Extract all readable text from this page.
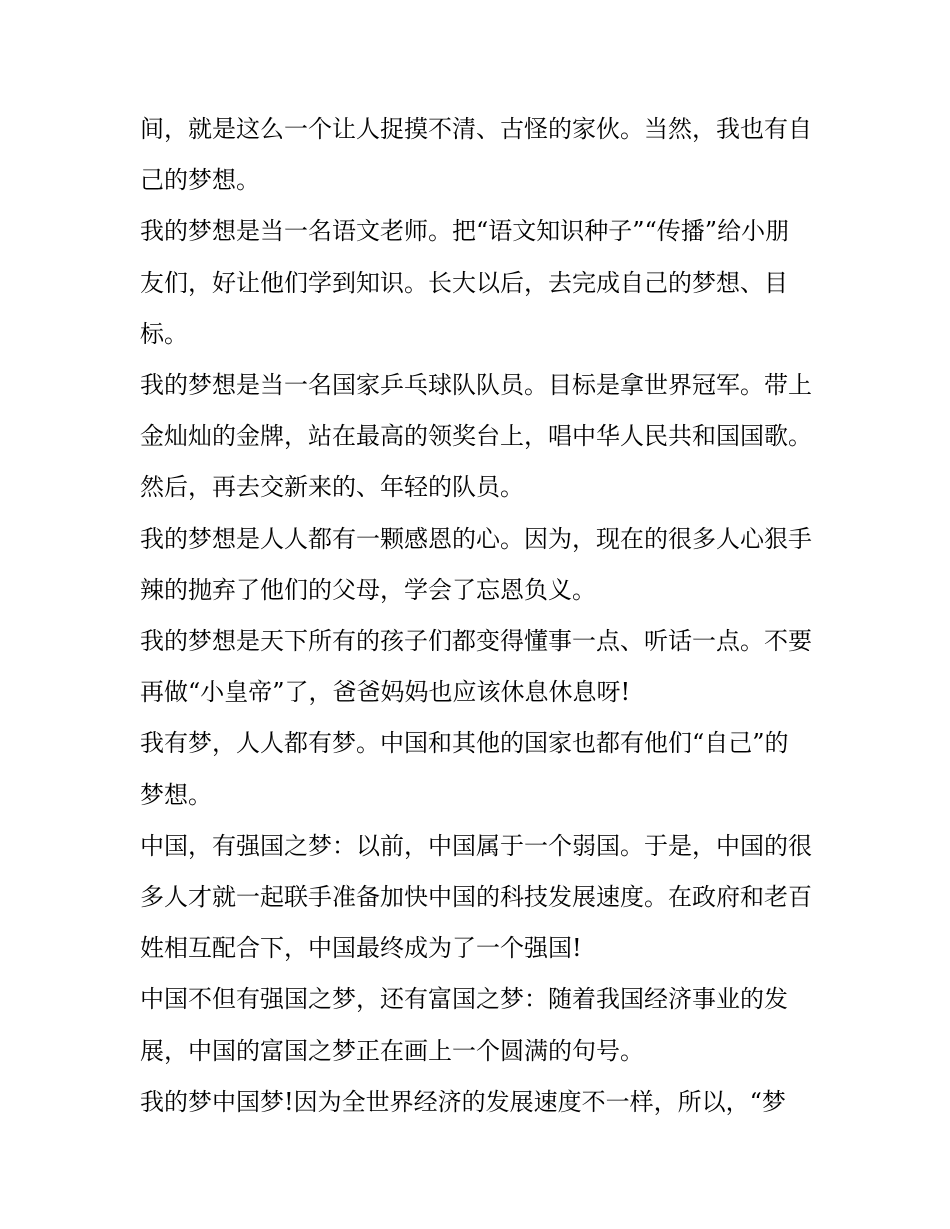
间，就是这么一个让人捉摸不清、古怪的家伙。当然，我也有自己的梦想。

我的梦想是当一名语文老师。把“语文知识种子”“传播”给小朋友们，好让他们学到知识。长大以后，去完成自己的梦想、目标。

我的梦想是当一名国家乒乓球队队员。目标是拿世界冠军。带上金灿灿的金牌，站在最高的领奖台上，唱中华人民共和国国歌。然后，再去交新来的、年轻的队员。

我的梦想是人人都有一颗感恩的心。因为，现在的很多人心狠手辣的抛弃了他们的父母，学会了忘恩负义。

我的梦想是天下所有的孩子们都变得懂事一点、听话一点。不要再做“小皇帝”了，爸爸妈妈也应该休息休息呀!

我有梦，人人都有梦。中国和其他的国家也都有他们“自己”的梦想。

中国，有强国之梦：以前，中国属于一个弱国。于是，中国的很多人才就一起联手准备加快中国的科技发展速度。在政府和老百姓相互配合下，中国最终成为了一个强国!

中国不但有强国之梦，还有富国之梦：随着我国经济事业的发展，中国的富国之梦正在画上一个圆满的句号。

我的梦中国梦!因为全世界经济的发展速度不一样，所以，“梦
